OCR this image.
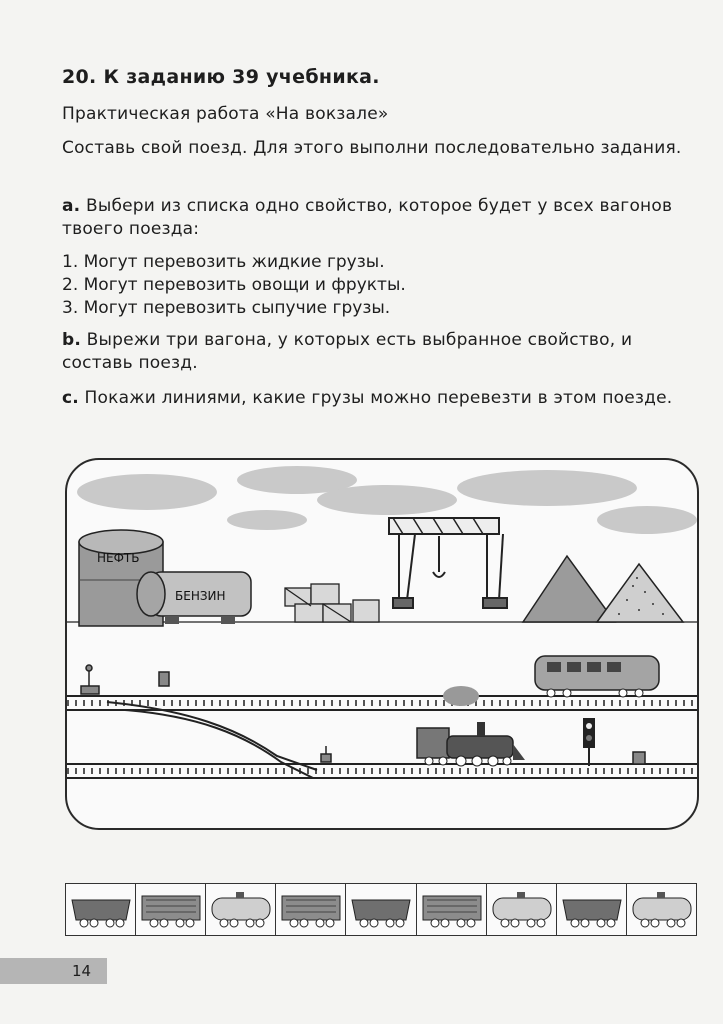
20. К заданию 39 учебника.
Практическая работа «На вокзале»
Составь свой поезд. Для этого выполни последовательно задания.
a. Выбери из списка одно свойство, которое будет у всех вагонов твоего поезда:
1. Могут перевозить жидкие грузы.
2. Могут перевозить овощи и фрукты.
3. Могут перевозить сыпучие грузы.
b. Вырежи три вагона, у которых есть выбранное свойство, и составь поезд.
c. Покажи линиями, какие грузы можно перевезти в этом поезде.
НЕФТЬ
БЕНЗИН
14
